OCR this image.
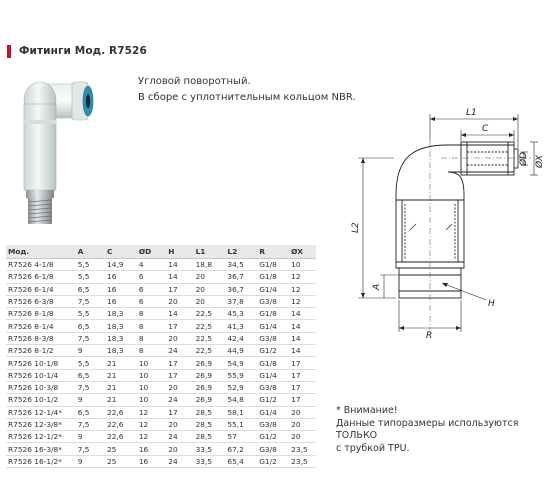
Фитинги Мод. R7526
Угловой поворотный.
В сборе с уплотнительным кольцом NBR.
L1
C
ØD ØX
L2
H
A
R
Мод.	A	C	ØD	H	L1	L2	R	ØX
R7526 4-1/8	5,5	14,9	4	14	18,8	34,5	G1/8	10
R7526 6-1/8	5,5	16	6	14	20	36,7	G1/8	12
R7526 6-1/4	6,5	16	6	17	20	36,7	G1/4	12
R7526 6-3/8	7,5	16	6	20	20	37,8	G3/8	12
R7526 8-1/8	5,5	18,3	8	14	22,5	45,3	G1/8	14
R7526 8-1/4	6,5	18,3	8	17	22,5	41,3	G1/4	14
R7526 8-3/8	7,5	18,3	8	20	22,5	42,4	G3/8	14
R7526 8-1/2	9	18,3	8	24	22,5	44,9	G1/2	14
R7526 10-1/8	5,5	21	10	17	26,9	54,9	G1/8	17
R7526 10-1/4	6,5	21	10	17	26,9	55,9	G1/4	17
R7526 10-3/8	7,5	21	10	20	26,9	52,9	G3/8	17
R7526 10-1/2	9	21	10	24	26,9	54,8	G1/2	17
R7526 12-1/4*	6,5	22,6	12	17	28,5	58,1	G1/4	20
R7526 12-3/8*	7,5	22,6	12	20	28,5	55,1	G3/8	20
R7526 12-1/2*	9	22,6	12	24	28,5	57	G1/2	20
R7526 16-3/8*	7,5	25	16	20	33,5	67,2	G3/8	23,5
R7526 16-1/2*	9	25	16	24	33,5	65,4	G1/2	23,5
* Внимание!
Данные типоразмеры используются ТОЛЬКО
с трубкой TPU.
